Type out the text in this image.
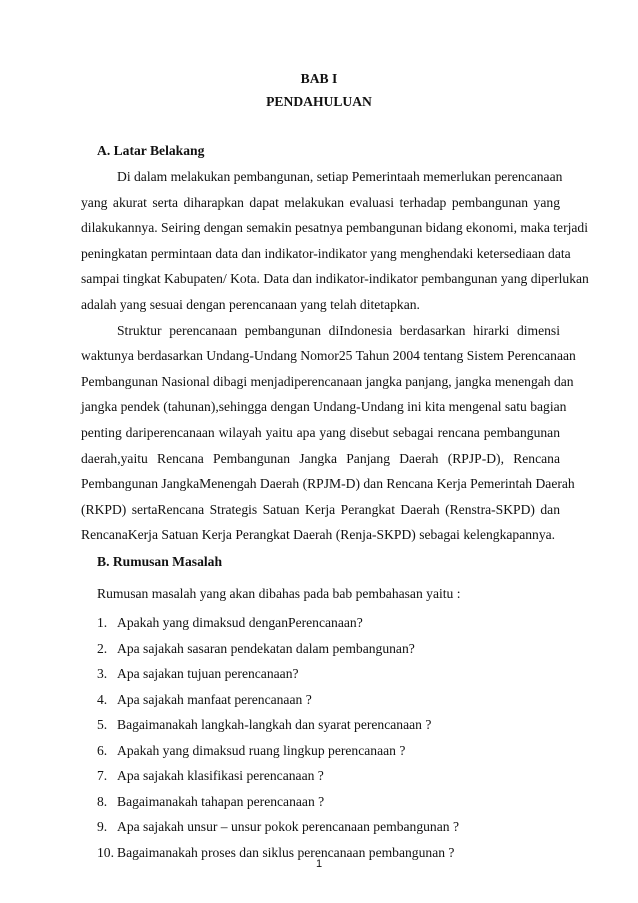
BAB I
PENDAHULUAN
A. Latar Belakang
Di dalam melakukan pembangunan, setiap Pemerintaah memerlukan perencanaan
yang akurat serta diharapkan dapat melakukan evaluasi terhadap pembangunan yang
dilakukannya. Seiring dengan semakin pesatnya pembangunan bidang ekonomi, maka terjadi
peningkatan permintaan data dan indikator-indikator yang menghendaki ketersediaan data
sampai tingkat Kabupaten/ Kota. Data dan indikator-indikator pembangunan yang diperlukan
adalah yang sesuai dengan perencanaan yang telah ditetapkan.
Struktur perencanaan pembangunan diIndonesia berdasarkan hirarki dimensi
waktunya berdasarkan Undang-Undang Nomor25 Tahun 2004 tentang Sistem Perencanaan
Pembangunan Nasional dibagi menjadiperencanaan jangka panjang, jangka menengah dan
jangka pendek (tahunan),sehingga dengan Undang-Undang ini kita mengenal satu bagian
penting dariperencanaan wilayah yaitu apa yang disebut sebagai rencana pembangunan
daerah,yaitu Rencana Pembangunan Jangka Panjang Daerah (RPJP-D), Rencana
Pembangunan JangkaMenengah Daerah (RPJM-D) dan Rencana Kerja Pemerintah Daerah
(RKPD) sertaRencana Strategis Satuan Kerja Perangkat Daerah (Renstra-SKPD) dan
RencanaKerja Satuan Kerja Perangkat Daerah (Renja-SKPD) sebagai kelengkapannya.
B. Rumusan Masalah
Rumusan masalah yang akan dibahas pada bab pembahasan yaitu :
1. Apakah yang dimaksud denganPerencanaan?
2. Apa sajakah sasaran pendekatan dalam pembangunan?
3. Apa sajakan tujuan perencanaan?
4. Apa sajakah manfaat perencanaan ?
5. Bagaimanakah langkah-langkah dan syarat perencanaan ?
6. Apakah yang dimaksud ruang lingkup perencanaan ?
7. Apa sajakah klasifikasi perencanaan ?
8. Bagaimanakah tahapan perencanaan ?
9. Apa sajakah unsur – unsur pokok perencanaan pembangunan ?
10. Bagaimanakah proses dan siklus perencanaan pembangunan ?
1
